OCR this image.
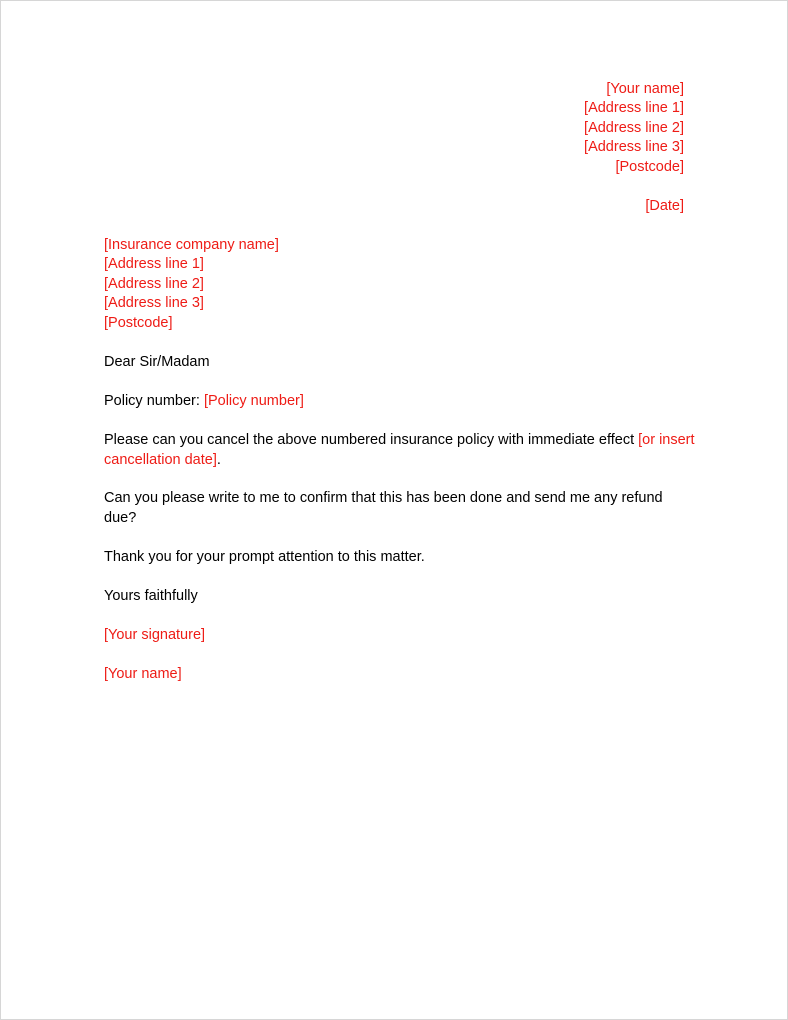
[Your name]
[Address line 1]
[Address line 2]
[Address line 3]
[Postcode]
[Date]
[Insurance company name]
[Address line 1]
[Address line 2]
[Address line 3]
[Postcode]
Dear Sir/Madam
Policy number: [Policy number]
Please can you cancel the above numbered insurance policy with immediate effect [or insert
cancellation date].
Can you please write to me to confirm that this has been done and send me any refund
due?
Thank you for your prompt attention to this matter.
Yours faithfully
[Your signature]
[Your name]
